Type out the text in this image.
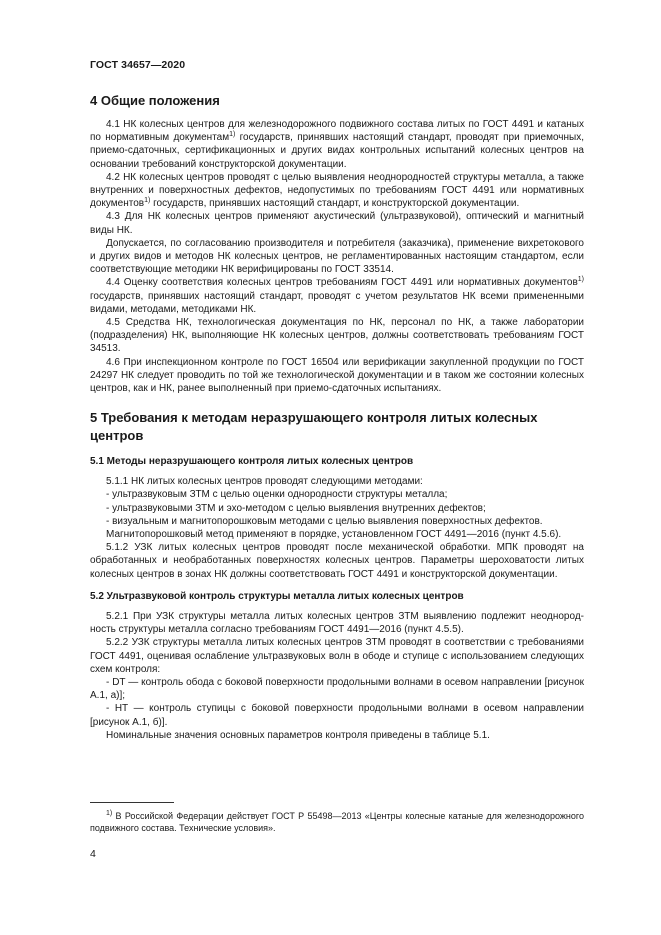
ГОСТ 34657—2020
4 Общие положения

4.1 НК колесных центров для железнодорожного подвижного состава литых по ГОСТ 4491 и катаных по нормативным документам$^{1)}$ государств, принявших настоящий стандарт, проводят при приемочных, приемо-сдаточных, сертификационных и других видах контрольных испытаний колесных центров на основании требований конструкторской документации.

4.2 НК колесных центров проводят с целью выявления неоднородностей структуры металла, а также внутренних и поверхностных дефектов, недопустимых по требованиям ГОСТ 4491 или нормативных документов$^{1)}$ государств, принявших настоящий стандарт, и конструкторской документации.

4.3 Для НК колесных центров применяют акустический (ультразвуковой), оптический и магнитный виды НК.

Допускается, по согласованию производителя и потребителя (заказчика), применение вихретокового и других видов и методов НК колесных центров, не регламентированных настоящим стандартом, если соответствующие методики НК верифицированы по ГОСТ 33514.

4.4 Оценку соответствия колесных центров требованиям ГОСТ 4491 или нормативных документов$^{1)}$ государств, принявших настоящий стандарт, проводят с учетом результатов НК всеми примененными видами, методами, методиками НК.

4.5 Средства НК, технологическая документация по НК, персонал по НК, а также лаборатории (подразделения) НК, выполняющие НК колесных центров, должны соответствовать требованиям ГОСТ 34513.

4.6 При инспекционном контроле по ГОСТ 16504 или верификации закупленной продукции по ГОСТ 24297 НК следует проводить по той же технологической документации и в таком же состоянии колесных центров, как и НК, ранее выполненный при приемо-сдаточных испытаниях.

5 Требования к методам неразрушающего контроля литых колесных центров
5.1 Методы неразрушающего контроля литых колесных центров

5.1.1 НК литых колесных центров проводят следующими методами:

- ультразвуковым ЗТМ с целью оценки однородности структуры металла;

- ультразвуковыми ЗТМ и эхо-методом с целью выявления внутренних дефектов;

- визуальным и магнитопорошковым методами с целью выявления поверхностных дефектов.

Магнитопорошковый метод применяют в порядке, установленном ГОСТ 4491—2016 (пункт 4.5.6).

5.1.2 УЗК литых колесных центров проводят после механической обработки. МПК проводят на обработанных и необработанных поверхностях колесных центров. Параметры шероховатости литых колесных центров в зонах НК должны соответствовать ГОСТ 4491 и конструкторской документации.

5.2 Ультразвуковой контроль структуры металла литых колесных центров

5.2.1 При УЗК структуры металла литых колесных центров ЗТМ выявлению подлежит неоднородность структуры металла согласно требованиям ГОСТ 4491—2016 (пункт 4.5.5).

5.2.2 УЗК структуры металла литых колесных центров ЗТМ проводят в соответствии с требованиями ГОСТ 4491, оценивая ослабление ультразвуковых волн в ободе и ступице с использованием следующих схем контроля:

- DT — контроль обода с боковой поверхности продольными волнами в осевом направлении [рисунок А.1, а)];

- НТ — контроль ступицы с боковой поверхности продольными волнами в осевом направлении [рисунок А.1, б)].

Номинальные значения основных параметров контроля приведены в таблице 5.1.

$^{1)}$ В Российской Федерации действует ГОСТ Р 55498—2013 «Центры колесные катаные для железнодорожного подвижного состава. Технические условия».

4
